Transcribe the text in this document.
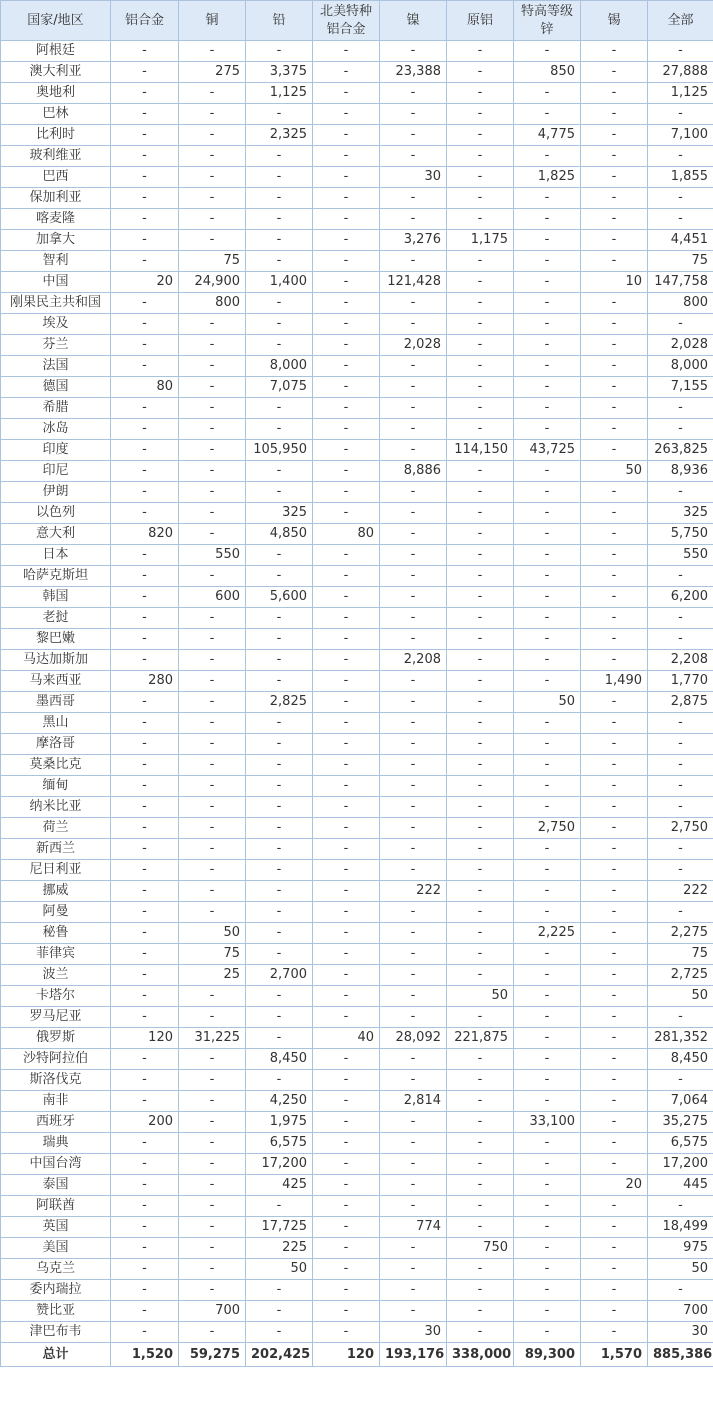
国家/地区	铝合金	铜	铅	北美特种铝合金	镍	原铝	特高等级锌	锡	全部
阿根廷	-	-	-	-	-	-	-	-	-
澳大利亚	-	275	3,375	-	23,388	-	850	-	27,888
奥地利	-	-	1,125	-	-	-	-	-	1,125
巴林	-	-	-	-	-	-	-	-	-
比利时	-	-	2,325	-	-	-	4,775	-	7,100
玻利维亚	-	-	-	-	-	-	-	-	-
巴西	-	-	-	-	30	-	1,825	-	1,855
保加利亚	-	-	-	-	-	-	-	-	-
喀麦隆	-	-	-	-	-	-	-	-	-
加拿大	-	-	-	-	3,276	1,175	-	-	4,451
智利	-	75	-	-	-	-	-	-	75
中国	20	24,900	1,400	-	121,428	-	-	10	147,758
刚果民主共和国	-	800	-	-	-	-	-	-	800
埃及	-	-	-	-	-	-	-	-	-
芬兰	-	-	-	-	2,028	-	-	-	2,028
法国	-	-	8,000	-	-	-	-	-	8,000
德国	80	-	7,075	-	-	-	-	-	7,155
希腊	-	-	-	-	-	-	-	-	-
冰岛	-	-	-	-	-	-	-	-	-
印度	-	-	105,950	-	-	114,150	43,725	-	263,825
印尼	-	-	-	-	8,886	-	-	50	8,936
伊朗	-	-	-	-	-	-	-	-	-
以色列	-	-	325	-	-	-	-	-	325
意大利	820	-	4,850	80	-	-	-	-	5,750
日本	-	550	-	-	-	-	-	-	550
哈萨克斯坦	-	-	-	-	-	-	-	-	-
韩国	-	600	5,600	-	-	-	-	-	6,200
老挝	-	-	-	-	-	-	-	-	-
黎巴嫩	-	-	-	-	-	-	-	-	-
马达加斯加	-	-	-	-	2,208	-	-	-	2,208
马来西亚	280	-	-	-	-	-	-	1,490	1,770
墨西哥	-	-	2,825	-	-	-	50	-	2,875
黑山	-	-	-	-	-	-	-	-	-
摩洛哥	-	-	-	-	-	-	-	-	-
莫桑比克	-	-	-	-	-	-	-	-	-
缅甸	-	-	-	-	-	-	-	-	-
纳米比亚	-	-	-	-	-	-	-	-	-
荷兰	-	-	-	-	-	-	2,750	-	2,750
新西兰	-	-	-	-	-	-	-	-	-
尼日利亚	-	-	-	-	-	-	-	-	-
挪威	-	-	-	-	222	-	-	-	222
阿曼	-	-	-	-	-	-	-	-	-
秘鲁	-	50	-	-	-	-	2,225	-	2,275
菲律宾	-	75	-	-	-	-	-	-	75
波兰	-	25	2,700	-	-	-	-	-	2,725
卡塔尔	-	-	-	-	-	50	-	-	50
罗马尼亚	-	-	-	-	-	-	-	-	-
俄罗斯	120	31,225	-	40	28,092	221,875	-	-	281,352
沙特阿拉伯	-	-	8,450	-	-	-	-	-	8,450
斯洛伐克	-	-	-	-	-	-	-	-	-
南非	-	-	4,250	-	2,814	-	-	-	7,064
西班牙	200	-	1,975	-	-	-	33,100	-	35,275
瑞典	-	-	6,575	-	-	-	-	-	6,575
中国台湾	-	-	17,200	-	-	-	-	-	17,200
泰国	-	-	425	-	-	-	-	20	445
阿联酋	-	-	-	-	-	-	-	-	-
英国	-	-	17,725	-	774	-	-	-	18,499
美国	-	-	225	-	-	750	-	-	975
乌克兰	-	-	50	-	-	-	-	-	50
委内瑞拉	-	-	-	-	-	-	-	-	-
赞比亚	-	700	-	-	-	-	-	-	700
津巴布韦	-	-	-	-	30	-	-	-	30
总计	1,520	59,275	202,425	120	193,176	338,000	89,300	1,570	885,386
